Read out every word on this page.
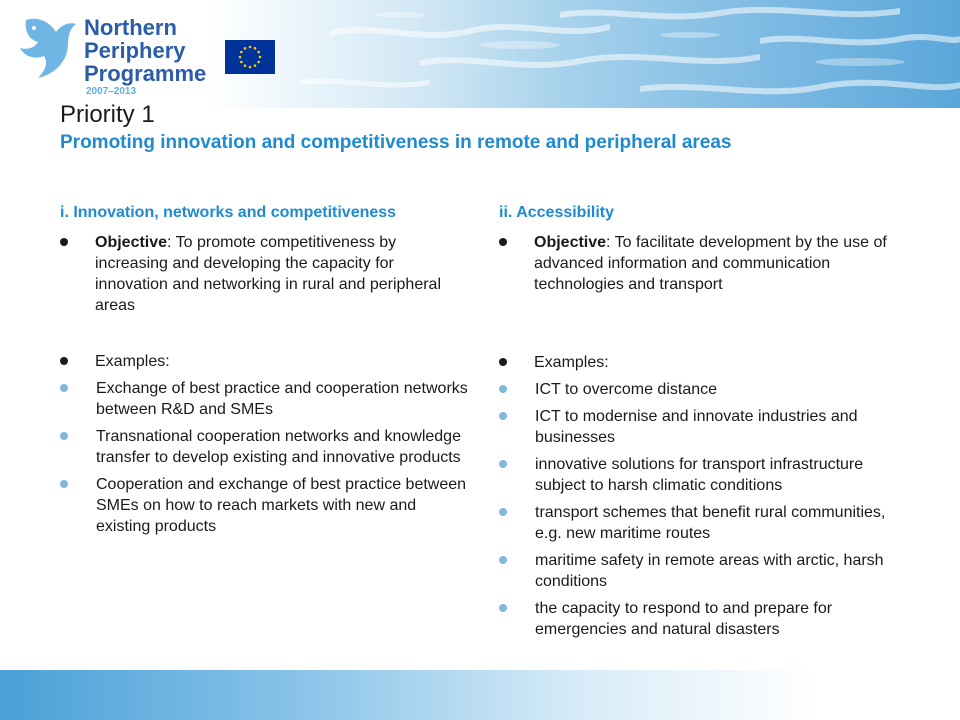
Northern
Periphery
Programme
2007–2013
Priority 1
Promoting innovation and competitiveness in remote and peripheral areas
i. Innovation, networks and competitiveness
Objective: To promote competitiveness by increasing and developing the capacity for innovation and networking in rural and peripheral areas
Examples:
Exchange of best practice and cooperation networks between R&D and SMEs
Transnational cooperation networks and knowledge transfer to develop existing and innovative products
Cooperation and exchange of best practice between SMEs on how to reach markets with new and existing products
ii. Accessibility
Objective: To facilitate development by the use of advanced information and communication technologies and transport
Examples:
ICT to overcome distance
ICT to modernise and innovate industries and businesses
innovative solutions for transport infrastructure subject to harsh climatic conditions
transport schemes that benefit rural communities, e.g. new maritime routes
maritime safety in remote areas with arctic, harsh conditions
the capacity to respond to and prepare for emergencies and natural disasters
